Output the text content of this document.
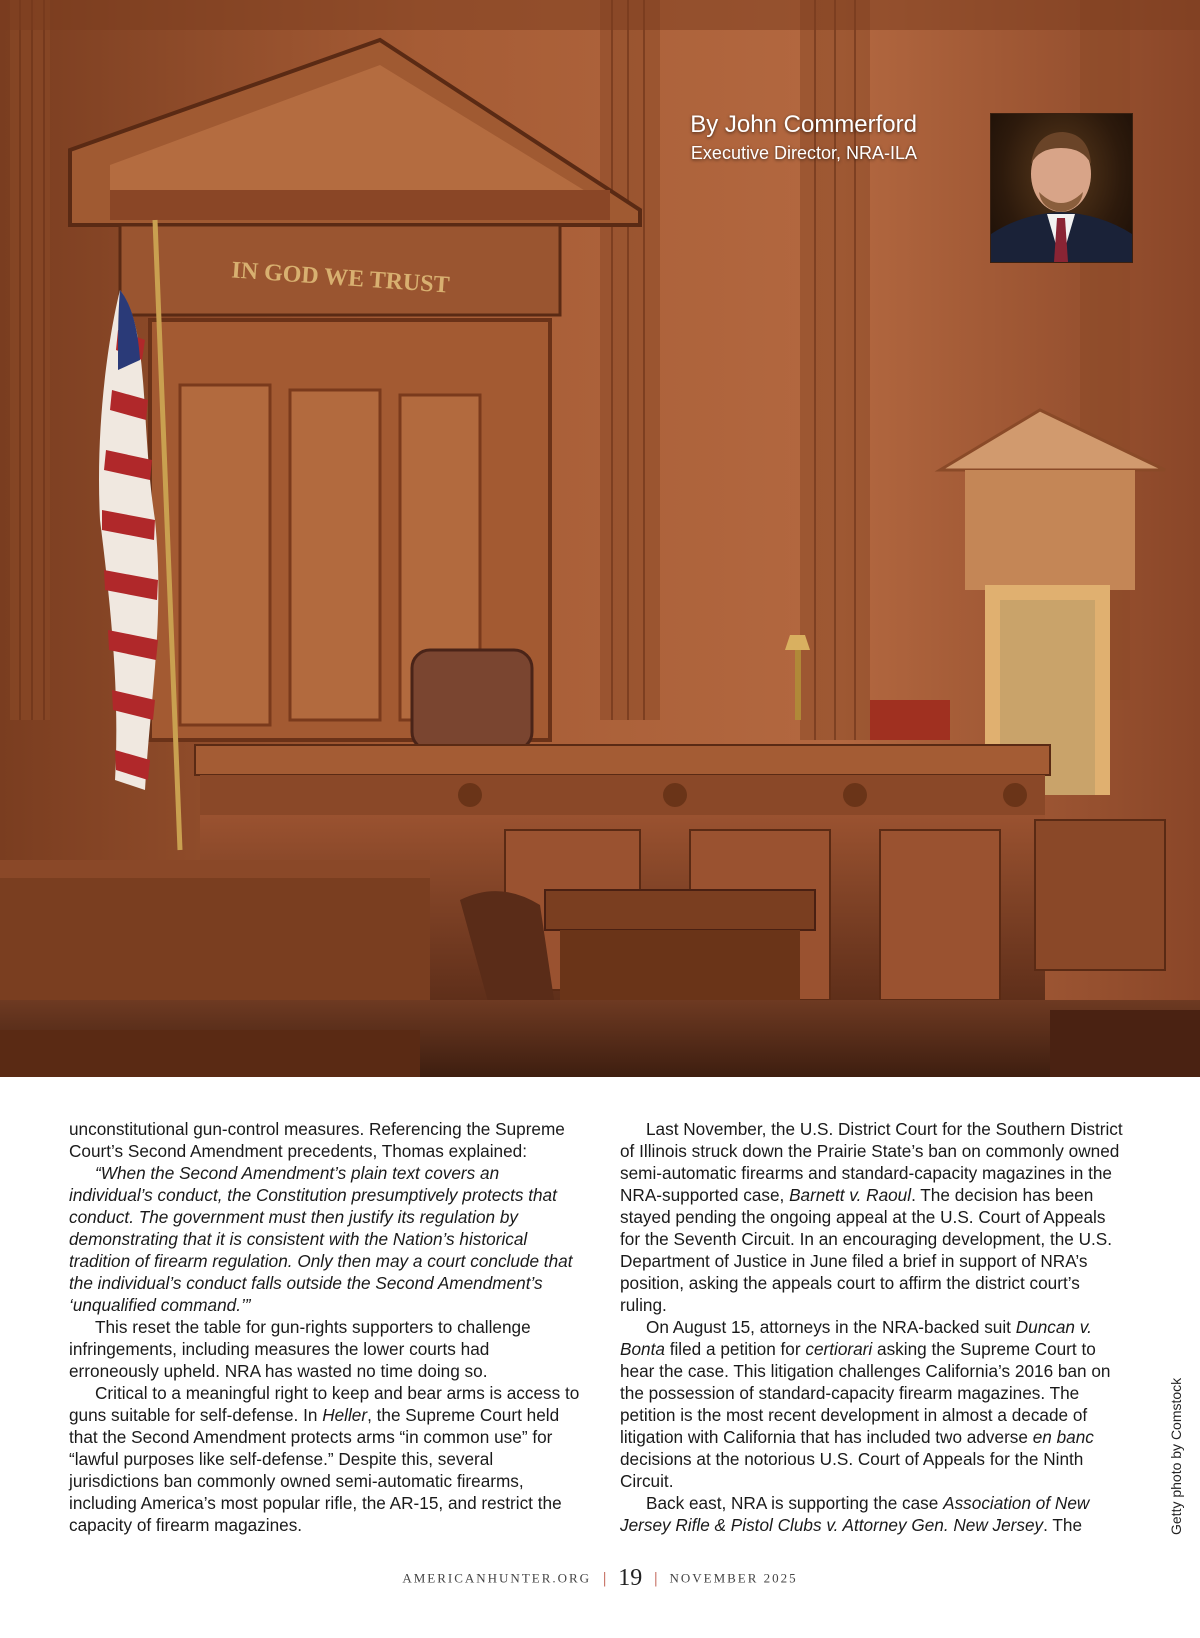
IN GOD WE TRUST
By John Commerford
Executive Director, NRA-ILA

unconstitutional gun-control measures. Referencing the Supreme Court’s Second Amendment precedents, Thomas explained:

“When the Second Amendment’s plain text covers an individual’s conduct, the Constitution presumptively protects that conduct. The government must then justify its regulation by demonstrating that it is consistent with the Nation’s historical tradition of firearm regulation. Only then may a court conclude that the individual’s conduct falls outside the Second Amendment’s ‘unqualified command.’”

This reset the table for gun-rights supporters to challenge infringements, including measures the lower courts had erroneously upheld. NRA has wasted no time doing so.

Critical to a meaningful right to keep and bear arms is access to guns suitable for self-defense. In Heller, the Supreme Court held that the Second Amendment protects arms “in common use” for “lawful purposes like self-defense.” Despite this, several jurisdictions ban commonly owned semi-automatic firearms, including America’s most popular rifle, the AR-15, and restrict the capacity of firearm magazines.

Last November, the U.S. District Court for the Southern District of Illinois struck down the Prairie State’s ban on commonly owned semi-automatic firearms and standard-capacity magazines in the NRA-supported case, Barnett v. Raoul. The decision has been stayed pending the ongoing appeal at the U.S. Court of Appeals for the Seventh Circuit. In an encouraging development, the U.S. Department of Justice in June filed a brief in support of NRA’s position, asking the appeals court to affirm the district court’s ruling.

On August 15, attorneys in the NRA-backed suit Duncan v. Bonta filed a petition for certiorari asking the Supreme Court to hear the case. This litigation challenges California’s 2016 ban on the possession of standard-capacity firearm magazines. The petition is the most recent development in almost a decade of litigation with California that has included two adverse en banc decisions at the notorious U.S. Court of Appeals for the Ninth Circuit.

Back east, NRA is supporting the case Association of New Jersey Rifle & Pistol Clubs v. Attorney Gen. New Jersey. The	Getty photo by Comstock
AMERICANHUNTER.ORG | 19 | NOVEMBER 2025
